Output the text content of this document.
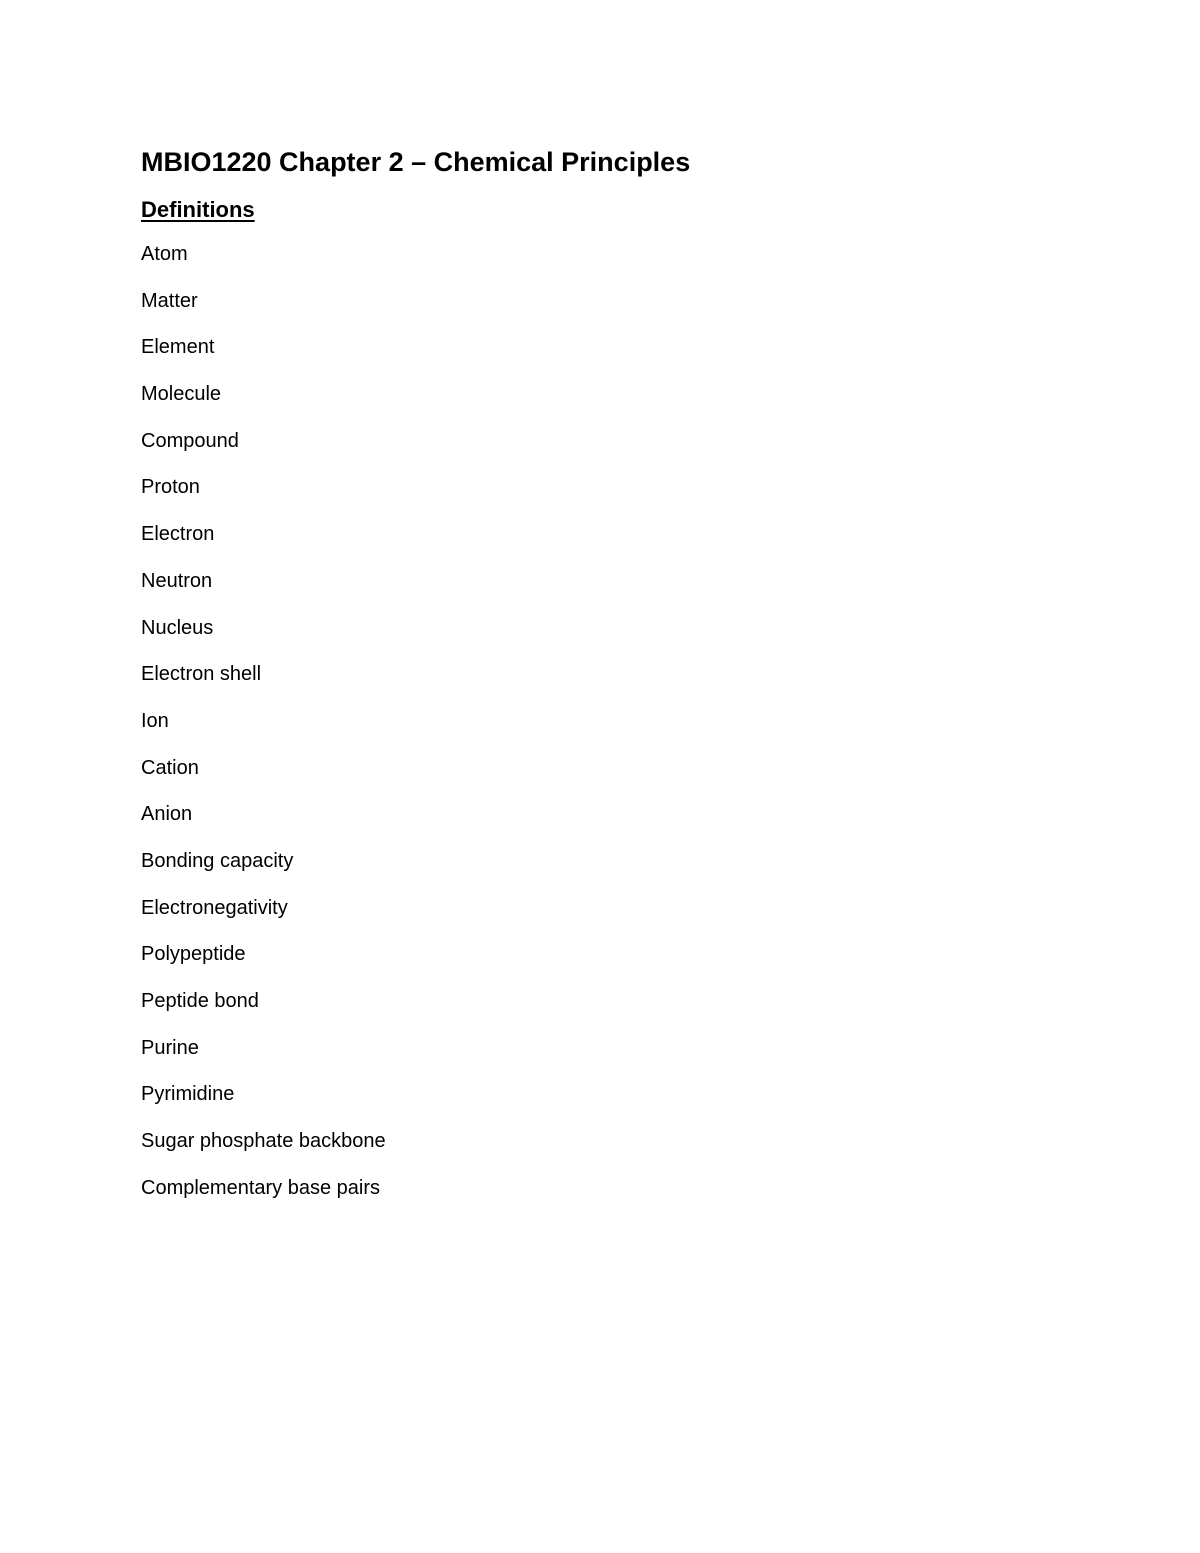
MBIO1220 Chapter 2 – Chemical Principles
Definitions
Atom
Matter
Element
Molecule
Compound
Proton
Electron
Neutron
Nucleus
Electron shell
Ion
Cation
Anion
Bonding capacity
Electronegativity
Polypeptide
Peptide bond
Purine
Pyrimidine
Sugar phosphate backbone
Complementary base pairs
